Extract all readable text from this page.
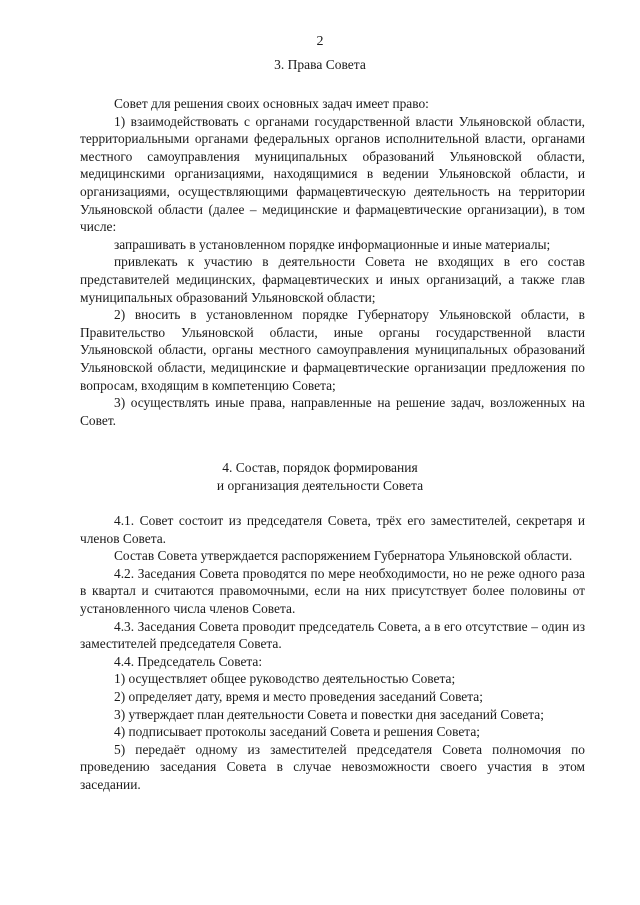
2
3. Права Совета

Совет для решения своих основных задач имеет право:

1) взаимодействовать с органами государственной власти Ульяновской области, территориальными органами федеральных органов исполнительной власти, органами местного самоуправления муниципальных образований Ульяновской области, медицинскими организациями, находящимися в ведении Ульяновской области, и организациями, осуществляющими фармацевтическую деятельность на территории Ульяновской области (далее – медицинские и фармацевтические организации), в том числе:

запрашивать в установленном порядке информационные и иные материалы;

привлекать к участию в деятельности Совета не входящих в его состав представителей медицинских, фармацевтических и иных организаций, а также глав муниципальных образований Ульяновской области;

2) вносить в установленном порядке Губернатору Ульяновской области, в Правительство Ульяновской области, иные органы государственной власти Ульяновской области, органы местного самоуправления муниципальных образований Ульяновской области, медицинские и фармацевтические организации предложения по вопросам, входящим в компетенцию Совета;

3) осуществлять иные права, направленные на решение задач, возложенных на Совет.

4. Состав, порядок формирования
и организация деятельности Совета

4.1. Совет состоит из председателя Совета, трёх его заместителей, секретаря и членов Совета.

Состав Совета утверждается распоряжением Губернатора Ульяновской области.

4.2. Заседания Совета проводятся по мере необходимости, но не реже одного раза в квартал и считаются правомочными, если на них присутствует более половины от установленного числа членов Совета.

4.3. Заседания Совета проводит председатель Совета, а в его отсутствие – один из заместителей председателя Совета.

4.4. Председатель Совета:

1) осуществляет общее руководство деятельностью Совета;

2) определяет дату, время и место проведения заседаний Совета;

3) утверждает план деятельности Совета и повестки дня заседаний Совета;

4) подписывает протоколы заседаний Совета и решения Совета;

5) передаёт одному из заместителей председателя Совета полномочия по проведению заседания Совета в случае невозможности своего участия в этом заседании.
